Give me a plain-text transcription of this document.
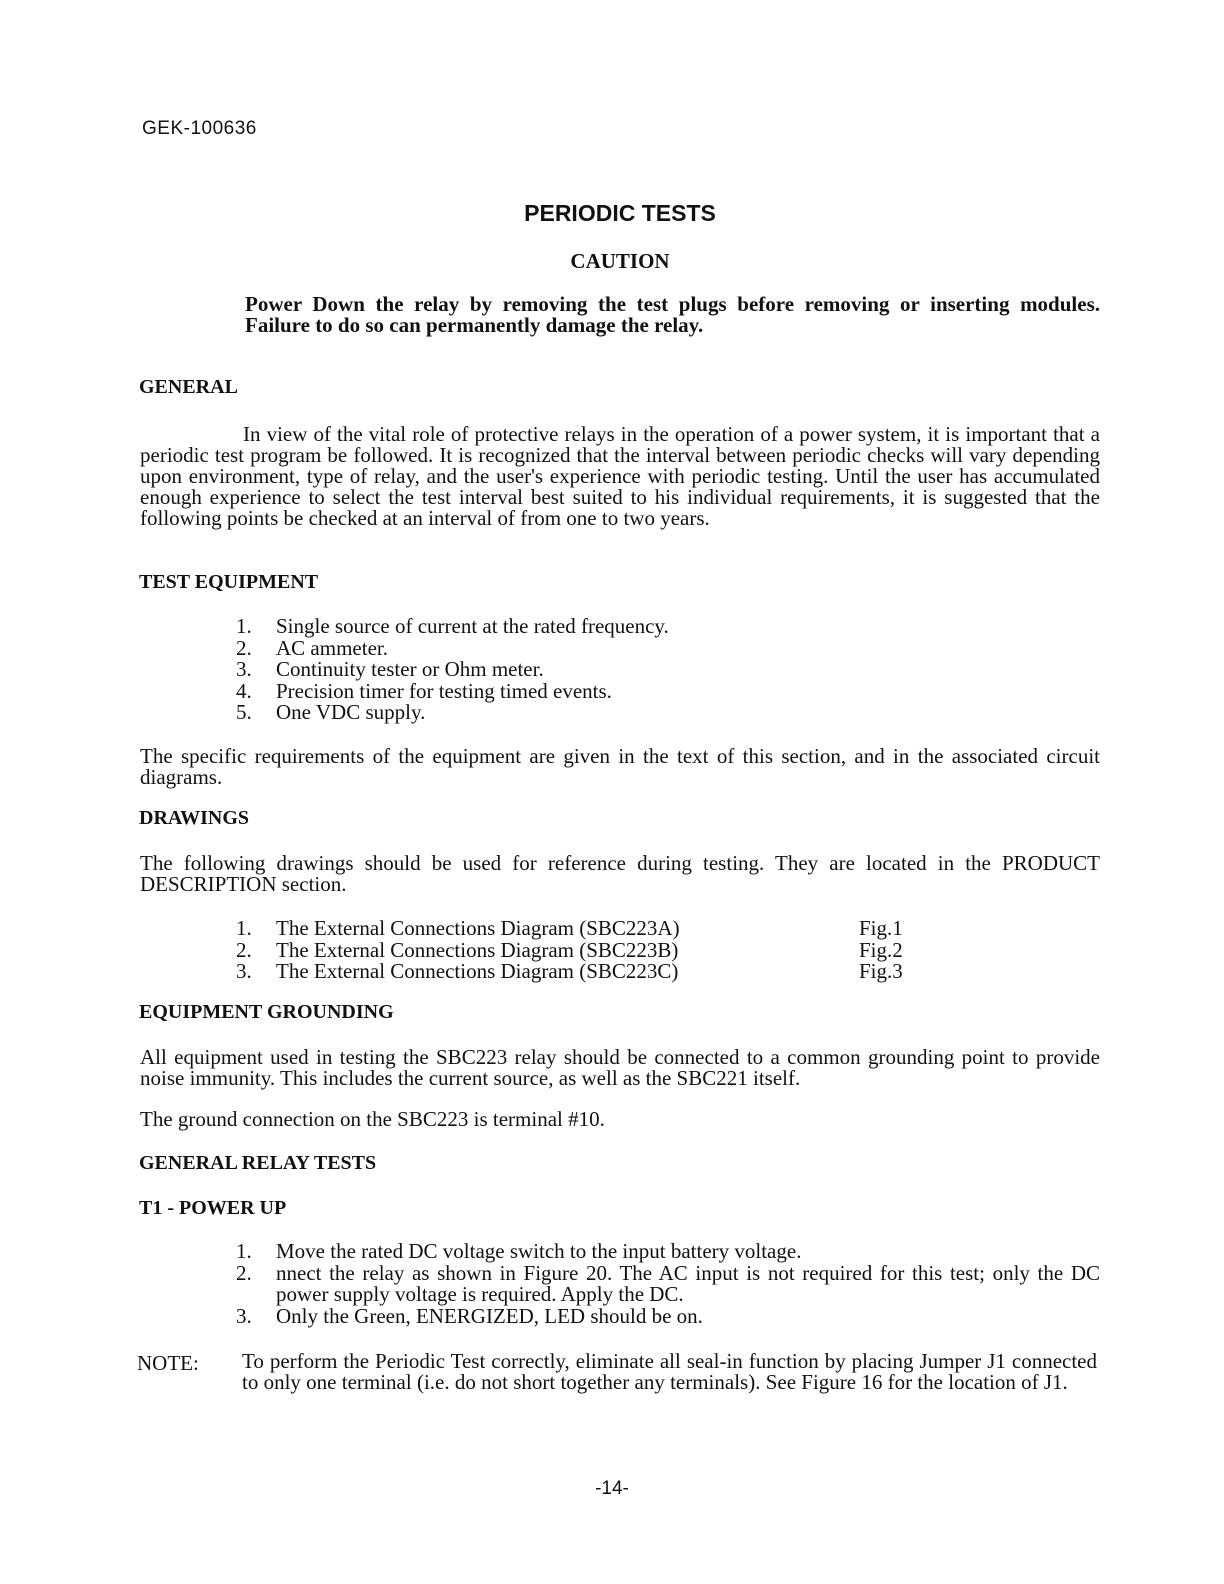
GEK-100636
PERIODIC TESTS
CAUTION
Power Down the relay by removing the test plugs before removing or inserting modules. Failure to do so can permanently damage the relay.
GENERAL
In view of the vital role of protective relays in the operation of a power system, it is important that a periodic test program be followed. It is recognized that the interval between periodic checks will vary depending upon environment, type of relay, and the user's experience with periodic testing. Until the user has accumulated enough experience to select the test interval best suited to his individual requirements, it is suggested that the following points be checked at an interval of from one to two years.
TEST EQUIPMENT
1. Single source of current at the rated frequency.
2. AC ammeter.
3. Continuity tester or Ohm meter.
4. Precision timer for testing timed events.
5. One VDC supply.
The specific requirements of the equipment are given in the text of this section, and in the associated circuit diagrams.
DRAWINGS
The following drawings should be used for reference during testing. They are located in the PRODUCT DESCRIPTION section.
1. The External Connections Diagram (SBC223A)	Fig.1
2. The External Connections Diagram (SBC223B)	Fig.2
3. The External Connections Diagram (SBC223C)	Fig.3
EQUIPMENT GROUNDING
All equipment used in testing the SBC223 relay should be connected to a common grounding point to provide noise immunity. This includes the current source, as well as the SBC221 itself.
The ground connection on the SBC223 is terminal #10.
GENERAL RELAY TESTS
T1 - POWER UP
1. Move the rated DC voltage switch to the input battery voltage.
2. nnect the relay as shown in Figure 20. The AC input is not required for this test; only the DC power supply voltage is required. Apply the DC.
3. Only the Green, ENERGIZED, LED should be on.
NOTE: To perform the Periodic Test correctly, eliminate all seal-in function by placing Jumper J1 connected to only one terminal (i.e. do not short together any terminals). See Figure 16 for the location of J1.
-14-
